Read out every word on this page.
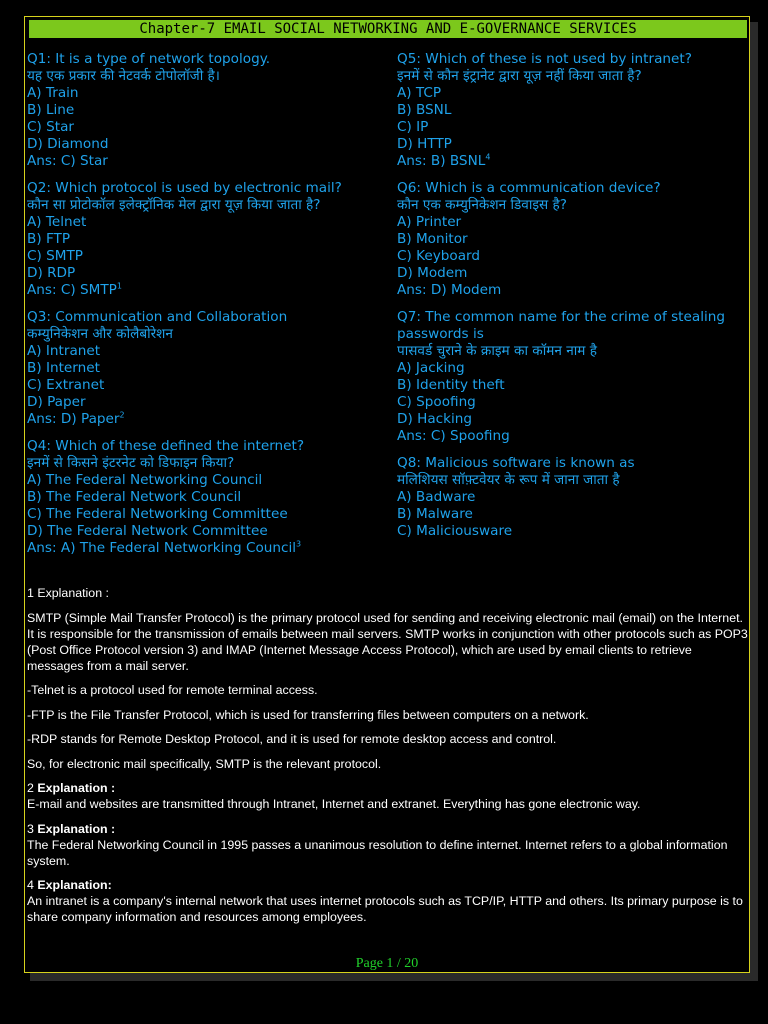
Chapter-7 EMAIL SOCIAL NETWORKING AND E-GOVERNANCE SERVICES
Q1: It is a type of network topology.
यह एक प्रकार की नेटवर्क टोपोलॉजी है।
A) Train
B) Line
C) Star
D) Diamond
Ans: C) Star
Q2: Which protocol is used by electronic mail?
कौन सा प्रोटोकॉल इलेक्ट्रॉनिक मेल द्वारा यूज़ किया जाता है?
A) Telnet
B) FTP
C) SMTP
D) RDP
Ans: C) SMTP$^1$
Q3: Communication and Collaboration
कम्युनिकेशन और कोलैबोरेशन
A) Intranet
B) Internet
C) Extranet
D) Paper
Ans: D) Paper$^2$
Q4: Which of these defined the internet?
इनमें से किसने इंटरनेट को डिफाइन किया?
A) The Federal Networking Council
B) The Federal Network Council
C) The Federal Networking Committee
D) The Federal Network Committee
Ans: A) The Federal Networking Council$^3$
Q5: Which of these is not used by intranet?
इनमें से कौन इंट्रानेट द्वारा यूज़ नहीं किया जाता है?
A) TCP
B) BSNL
C) IP
D) HTTP
Ans: B) BSNL$^4$
Q6: Which is a communication device?
कौन एक कम्युनिकेशन डिवाइस है?
A) Printer
B) Monitor
C) Keyboard
D) Modem
Ans: D) Modem
Q7: The common name for the crime of stealing passwords is
पासवर्ड चुराने के क्राइम का कॉमन नाम है
A) Jacking
B) Identity theft
C) Spoofing
D) Hacking
Ans: C) Spoofing
Q8: Malicious software is known as
मलिशियस सॉफ़्टवेयर के रूप में जाना जाता है
A) Badware
B) Malware
C) Maliciousware

1 Explanation :

SMTP (Simple Mail Transfer Protocol) is the primary protocol used for sending and receiving electronic mail (email) on the Internet. It is responsible for the transmission of emails between mail servers. SMTP works in conjunction with other protocols such as POP3 (Post Office Protocol version 3) and IMAP (Internet Message Access Protocol), which are used by email clients to retrieve messages from a mail server.

-Telnet is a protocol used for remote terminal access.

-FTP is the File Transfer Protocol, which is used for transferring files between computers on a network.

-RDP stands for Remote Desktop Protocol, and it is used for remote desktop access and control.

So, for electronic mail specifically, SMTP is the relevant protocol.

2 Explanation :

E-mail and websites are transmitted through Intranet, Internet and extranet. Everything has gone electronic way.

3 Explanation :

The Federal Networking Council in 1995 passes a unanimous resolution to define internet. Internet refers to a global information system.

4 Explanation:

An intranet is a company's internal network that uses internet protocols such as TCP/IP, HTTP and others. Its primary purpose is to share company information and resources among employees.

Page 1 / 20
